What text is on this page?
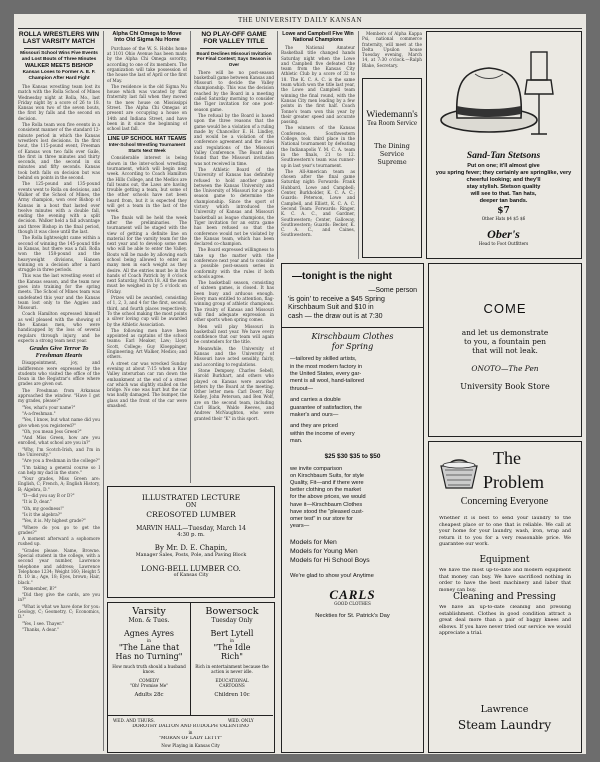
THE UNIVERSITY DAILY KANSAN
ROLLA WRESTLERS WIN LAST VARSITY MATCH
Missouri School Wins Five Events and Lost Bouts of Three Minutes
WALKER MEETS BISHOP
Kansas Loses to Former A. E. F. Champion After Hard Fight

The Kansas wrestling team lost its match with the Rolla School of Mines Wednesday night at Rolla, Mo., last Friday night by a score of 26 to 18. Kansas won two of the seven bouts, the first by falls and the second on decision.

The Rolla team won five events in a consistent manner of the standard 12-minute period in which the Kansas wrestlers lost decisions. In the first bout, the 115-pound event, Freeman of Kansas won two falls over Gaile, the first in three minutes and thirty seconds, and the second in six minutes and fifty seconds. Kansas took both falls on decision but was behind on points in the second.

The 125-pound and 135-pound events went to Rolla on decisions, and Walker of the School of Mines, the Army champion, won over Bishop of Kansas in a bout that lasted over twelve minutes with a double fall, ending the evening with a split decision. Walker held a fall advantage and threw Bishop in the final period, though it was close until the last.

The Rolla lightweight came within a second of winning the 145-pound title in Kansas, but there was a fall. Rolla won the 158-pound and the heavyweight divisions, Hansen winning on a decision after a hard struggle in three periods.

This was the last wrestling event of the Kansas season, and the team now goes into training for the spring meets. The School of Mines team was undefeated this year and the Kansas team lost only to the Aggies and Missouri.

Coach Hamilton expressed himself as well pleased with the showing of the Kansas men, who were handicapped by the loss of several regulars through injury, and he expects a strong team next year.

Grades Give Terror To Freshman Hearts

Disappointment, joy, and indifference were expressed by the students who visited the office of the Dean in the Registrar's office where grades are given out.

The Freshman from Arkansas approached the window. "Have I got my grades, please?"

"Yes, what's your name?"

"A-a-freshman."

"Yes, I know, but what name did you give when you registered?"

"Oh, you mean Jess Green?"

"And Miss Green, how are you enrolled, what school are you in?"

"Why, I'm Scotch-Irish, and I'm in the University."

"Are you a freshman in the college?"

"I'm taking a general course so I can help my dad in the store."

"Your grades, Miss Green are: English, C; French, A; English History, B; Algebra, D."

"D—did you say B or D?"

"It is D, dear."

"Oh, my goodness!"

"Is it the algebra?"

"Yes, it is. My highest grade?"

"Where do you go to get the grades?"

A moment afterward a sophomore rushed up.

"Grades please. Name, Browne. Special student in the college, with a second year number, Lawrence telephone and address; Lawrence Telephone 1234; Weight 160; Height 5 ft. 10 in.; Age, 18; Eyes, brown; Hair, black."

"Remember, B?"

"Did they give the cards, are you in?"

"What is what we have done for you: Geology, C; Geometry, C; Economics, D."

"Yes, I see. Thayer."

"Thanks, A dear."

Alpha Chi Omega to Move Into Old Sigma Nu Home

Purchase of the W. S. Hobbs home at 1101 Ohio Avenue has been made by the Alpha Chi Omega sorority, according to one of its members. The organization will take possession of the house the last of April or the first of May.

The residence is the old Sigma Nu house which was vacated by that fraternity last fall when they moved to the new house on Mississippi Street. The Alpha Chi Omegas at present are occupying a house on 14th and Indiana Street, and have been in it since the beginning of school last fall.

LINE UP SCHOOL MAT TEAMS
Inter-School Wrestling Tournament Starts Next Week

Considerable interest is being shown in the inter-school wrestling tournament, which will begin next week. According to Coach Hamilton the Hills College, and the Medics are full teams out, the Laws are having trouble getting a team, but some of the other schools have not been heard from, but it is expected they will get a team in the last of the week.

The finals will be held the week after the preliminaries. The tournament will be staged with the view of getting a definite line on material for the varsity team for the next year and to develop some men who will be able to enter the Valley. Bouts will be made by allowing each school being allowed to enter as many men in each weight as they desire. All the entries must be in the hands of Coach Patrick by 8 o'clock next Saturday, March 18. All the men must be weighed in by 5 o'clock on Friday.

Prizes will be awarded, consisting of 1, 2, 3, and 4 for the first, second, third, and fourth places respectively. To the school making the most points a silver loving cup will be awarded by the Athletic Association.

The following men have been appointed as captains of the school teams: Earl Meaker, Law; Lloyd Scott, College; Guy Kloeppinger, Engineering; Art Walker, Medics; and others.

A street car was wrecked Sunday evening at about 7:15 when a Kaw Valley interurban car ran down the embankment at the end of a street car which was slightly stalled on the bridge. No one was hurt but the car was badly damaged. The bumper, the glass and the front of the car were smashed.

NO PLAY-OFF GAME FOR VALLEY TITLE
Board Declines Missouri Invitation For Final Contest; Says Season is Over

There will be no post-season basketball game between Kansas and Missouri to decide the Valley championship. This was the decision reached by the Board in a meeting called Saturday morning to consider the Tiger invitation for one post-season game.

The refusal by the Board is based upon the three reasons that the game would be a violation of a ruling made by Chancellor E. H. Lindley, and would be a violation of the conference agreement and the rules and regulations of the Missouri Valley Conference. The Board also found that the Missouri invitation was not received in time.

The Athletic Board of the University of Kansas has definitely refused to hold another game between the Kansas University and the University of Missouri for a post-season game to determine the championship. Since the sport of victory which introduced the University of Kansas and Missouri basketball as league champions, the Tiger invitation for an extra game has been refused so that the conference would not be violated by the Kansas team, which has been declared co-champion.

The Board expressed willingness to take up the matter with the conference next year and to consider a possible post-season series in conformity with the rules if both schools agree.

The basketball season, consisting of sixteen games, is closed. It has been busy and arduous enough. Every man entitled to attention, flag-winning group of athletic champions. The rivalry of Kansas and Missouri will find adequate expression in other sports when spring comes.

Men will play Missouri in basketball next year. We have every confidence that our team will again be contenders for the title.

Meanwhile, the University of Kansas and the University of Missouri have acted sensibly, fairly, and according to regulations.

Stone Dempsey, Charles Sebell, Harold Burkhart, and others who played on Kansas were awarded letters by the Board at the meeting. Other letter men: Carl Doerr, Ray Kelley, John Peterson, and Ben Wolf, are on the second team, including Carl Black, Waldo Reeves, and Andrew McNaughton, who were granted their "K" in this sport.

Lowe and Campbell Five Win National Champions

The National Amateur Basketball title changed hands Saturday night when the Lowe and Campbell five defeated the team from the Kansas City Athletic Club by a score of 32 to 18. The K. C. A. C. is the same team which won the title last year, the Lowe and Campbell team winning the final round, with the Kansas City men leading by a few points in the first half. Coach Tonne's team won this year by their greater speed and accurate passing.

The winners of the Kansas Conference, Southwestern College, took third place in the National tournament by defeating the Indianapolis Y. M. C. A. team in the finals, 21 to 12. Southwestern's team was runner-up in last year's tournament.

The All-American team as chosen after the final game Saturday night: Forwards: Frank Hubbard, Lowe and Campbell; Center, Burkholder, K. C. A. C.; Guards: Peterson, Lowe and Campbell, and Elliott, K. C. A. C. Second Team: Forwards: Ringer, K. C. A. C., and Gardner, Southwestern; Center, Galloway, Southwestern; Guards: Becker, K. C. A. C., and Caines, Southwestern.

Members of Alpha Kappa Psi, national commerce fraternity, will meet at the Delta Upsilon house Tuesday evening, March 14, at 7:30 o'clock.—Ralph Blake, Secretary.

Wiedemann's
Tea Room Service
The Dining Service
Supreme
Sand-Tan Stetsons
Put on one; it'll almost give
you spring fever; they certainly are springlike, very
cheerful looking; and they'll
stay stylish. Stetson quality
will see to that. Tan hats,
deeper tan bands.
$7
Other Hats $4 $5 $6
Ober's
Head to Foot Outfitters
—tonight is the night
—Some person
'is goin' to receive a $45 Spring
Kirschbaum Suit and $10 in
cash — the draw out is at 7:30
Kirschbaum Clothes
for Spring
—tailored by skilled artists,
in the most modern factory in
the United States, every gar-
ment is all wool, hand-tailored
thruout—
and carries a double
guarantee of satisfaction, the
maker's and ours—
and they are priced
within the income of every
man.
$25 $30 $35 to $50
we invite comparison
on Kirschbaum Suits, for style
Quality, Fit—and if there were
better clothing on the market
for the above prices, we would
have it—Kirschbaum Clothes
have stood the "pleased cust-
omer test" in our store for
years—
Models for Men
Models for Young Men
Models for Hi School Boys
We're glad to show you! Anytime
CARLS
GOOD CLOTHES
Neckties for St. Patrick's Day
COME
and let us demonstrate
to you, a fountain pen
that will not leak.
ONOTO—The Pen
University Book Store
The
Problem
Concerning Everyone
Whether it is best to send your laundry to the cheapest place or to one that is reliable. We call at your home for your laundry, wash, iron, wrap and return it to you for a very reasonable price. We guarantee our work.
Equipment
We have the most up-to-date and modern equipment that money can buy. We have sacrificed nothing in order to have the best machinery and labor that money can buy.
Cleaning and Pressing
We have an up-to-date cleaning and pressing establishment. Clothes in good condition attract a great deal more than a pair of baggy knees and elbows. If you have never tried our service we would appreciate a trial.
Lawrence
Steam Laundry
ILLUSTRATED LECTURE
ON
CREOSOTED LUMBER
MARVIN HALL—Tuesday, March 14
4:30 p. m.
By Mr. D. E. Chapin,
Manager Sales, Posts, Pole, and Paving Block
LONG-BELL LUMBER CO.
of Kansas City
Varsity
Mon. & Tues.
Agnes Ayres
in
"The Lane that
Has no Turning"
How much truth should a husband know.
COMEDY
"Oh! Promise Me"
Adults 28c
Bowersock
Tuesday Only
Bert Lytell
in
"The Idle
Rich"
Rich in entertainment because the action is never idle.
EDUCATIONAL
CARTOONS
Children 10c
WED. AND THURS.	WED. ONLY
DOROTHY DALTON AND RUDOLPH VALENTINO
in
"MORAN OF LADY LETTY"
Now Playing in Kansas City
